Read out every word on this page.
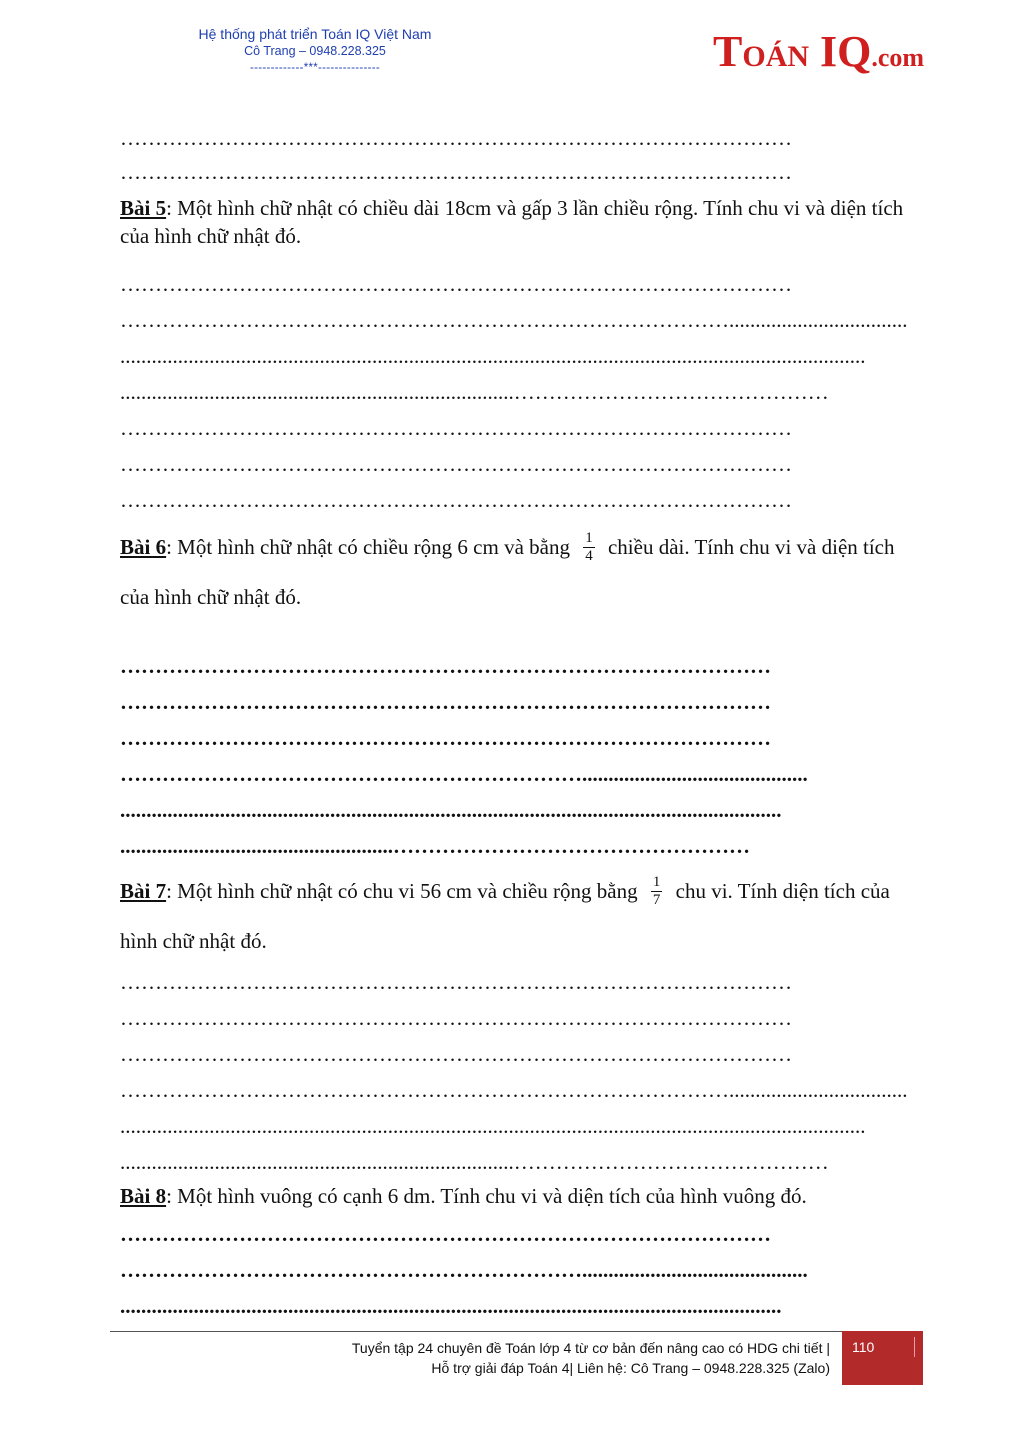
Hệ thống phát triển Toán IQ Việt Nam
Cô Trang – 0948.228.325
-------------***---------------	TOÁN IQ.com
……………………………………………………………………………………
……………………………………………………………………………………
Bài 5: Một hình chữ nhật có chiều dài 18cm và gấp 3 lần chiều rộng. Tính chu vi và diện tích của hình chữ nhật đó.
……………………………………………………………………………………
……………………………………………………………………………..................................
..............................................................................................................................................
...........................................................................………………………………………
……………………………………………………………………………………
……………………………………………………………………………………
……………………………………………………………………………………
Bài 6: Một hình chữ nhật có chiều rộng 6 cm và bằng $\frac{1}{4}$ chiều dài. Tính chu vi và diện tích của hình chữ nhật đó.
…………………………………………………………………………………
…………………………………………………………………………………
…………………………………………………………………………………
…………………………………………………………...........................................
..............................................................................................................................
....................................................……………………………………………
Bài 7: Một hình chữ nhật có chu vi 56 cm và chiều rộng bằng $\frac{1}{7}$ chu vi. Tính diện tích của hình chữ nhật đó.
……………………………………………………………………………………
……………………………………………………………………………………
……………………………………………………………………………………
……………………………………………………………………………..................................
..............................................................................................................................................
...........................................................................………………………………………
Bài 8: Một hình vuông có cạnh 6 dm. Tính chu vi và diện tích của hình vuông đó.
…………………………………………………………………………………
…………………………………………………………...........................................
..............................................................................................................................
Tuyển tập 24 chuyên đề Toán lớp 4 từ cơ bản đến nâng cao có HDG chi tiết |
Hỗ trợ giải đáp Toán 4| Liên hệ: Cô Trang – 0948.228.325 (Zalo)
110
